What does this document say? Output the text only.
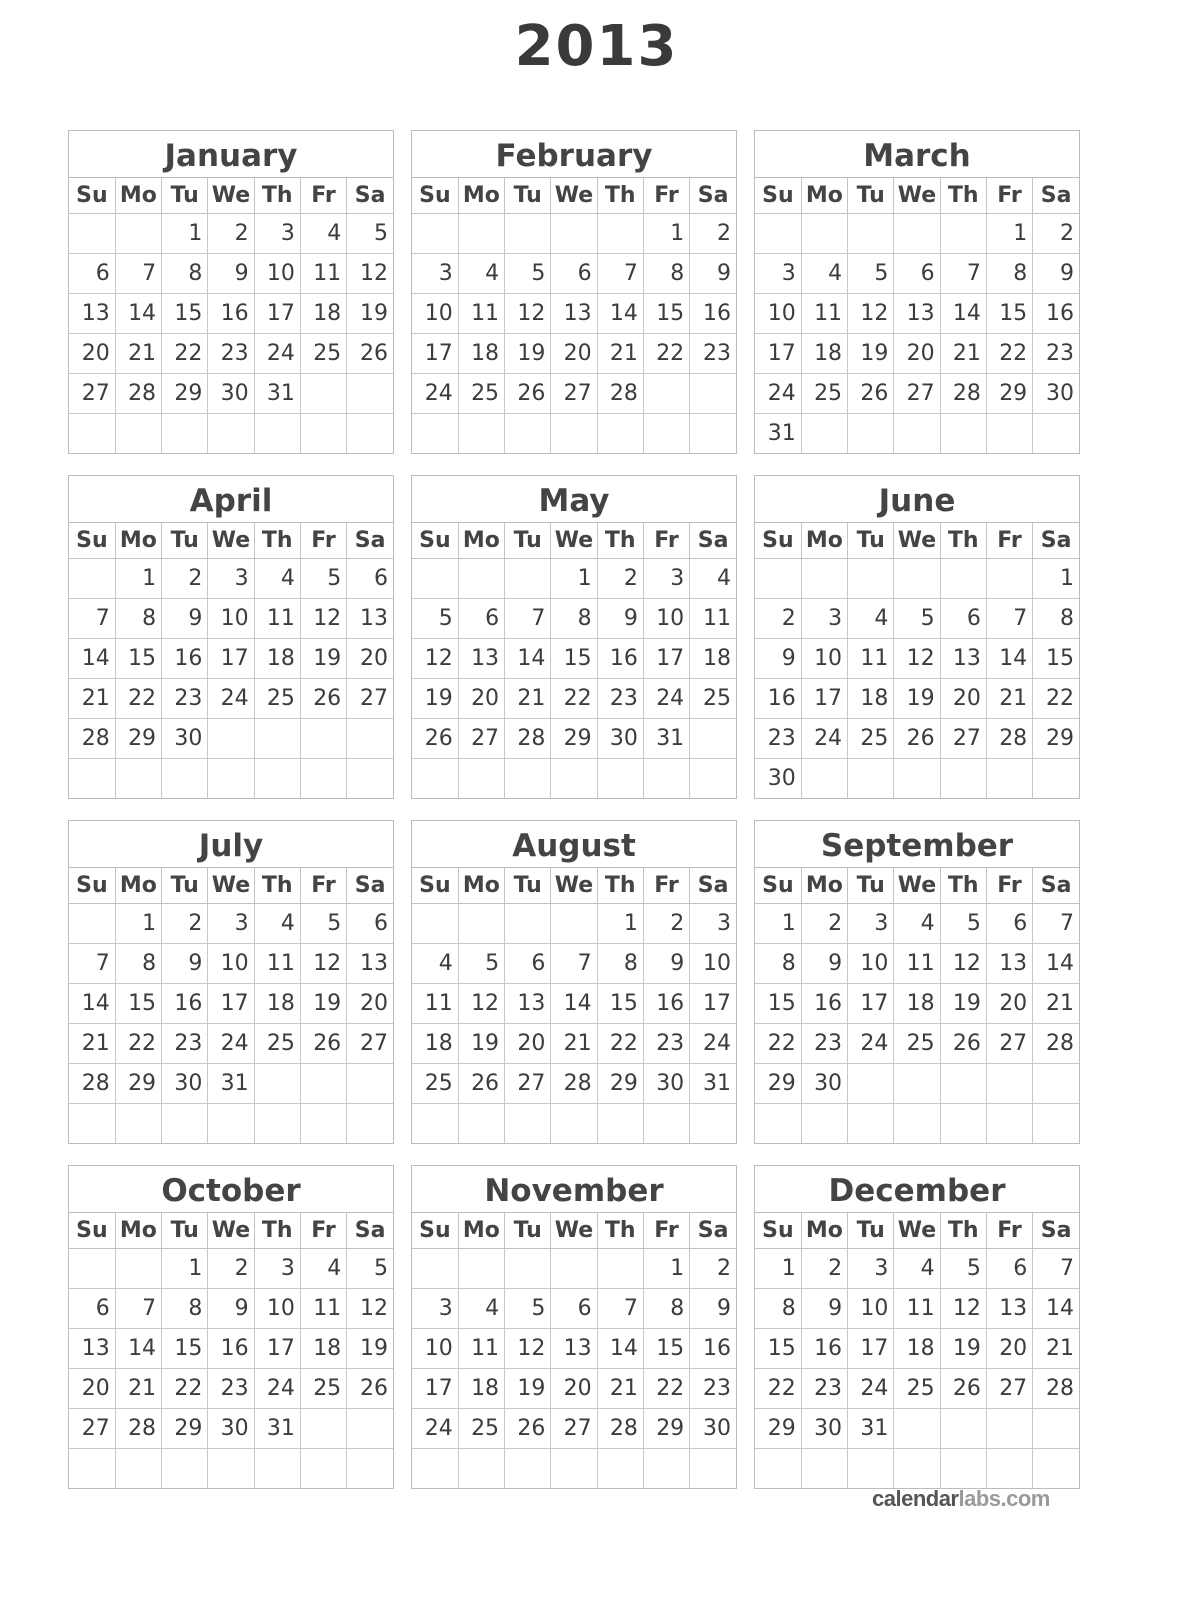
2013
January
Su	Mo	Tu	We	Th	Fr	Sa
		1	2	3	4	5
6	7	8	9	10	11	12
13	14	15	16	17	18	19
20	21	22	23	24	25	26
27	28	29	30	31		

February
Su	Mo	Tu	We	Th	Fr	Sa
					1	2
3	4	5	6	7	8	9
10	11	12	13	14	15	16
17	18	19	20	21	22	23
24	25	26	27	28		

March
Su	Mo	Tu	We	Th	Fr	Sa
					1	2
3	4	5	6	7	8	9
10	11	12	13	14	15	16
17	18	19	20	21	22	23
24	25	26	27	28	29	30
31						
April
Su	Mo	Tu	We	Th	Fr	Sa
	1	2	3	4	5	6
7	8	9	10	11	12	13
14	15	16	17	18	19	20
21	22	23	24	25	26	27
28	29	30				

May
Su	Mo	Tu	We	Th	Fr	Sa
			1	2	3	4
5	6	7	8	9	10	11
12	13	14	15	16	17	18
19	20	21	22	23	24	25
26	27	28	29	30	31	

June
Su	Mo	Tu	We	Th	Fr	Sa
						1
2	3	4	5	6	7	8
9	10	11	12	13	14	15
16	17	18	19	20	21	22
23	24	25	26	27	28	29
30						
July
Su	Mo	Tu	We	Th	Fr	Sa
	1	2	3	4	5	6
7	8	9	10	11	12	13
14	15	16	17	18	19	20
21	22	23	24	25	26	27
28	29	30	31			

August
Su	Mo	Tu	We	Th	Fr	Sa
				1	2	3
4	5	6	7	8	9	10
11	12	13	14	15	16	17
18	19	20	21	22	23	24
25	26	27	28	29	30	31

September
Su	Mo	Tu	We	Th	Fr	Sa
1	2	3	4	5	6	7
8	9	10	11	12	13	14
15	16	17	18	19	20	21
22	23	24	25	26	27	28
29	30					

October
Su	Mo	Tu	We	Th	Fr	Sa
		1	2	3	4	5
6	7	8	9	10	11	12
13	14	15	16	17	18	19
20	21	22	23	24	25	26
27	28	29	30	31		

November
Su	Mo	Tu	We	Th	Fr	Sa
					1	2
3	4	5	6	7	8	9
10	11	12	13	14	15	16
17	18	19	20	21	22	23
24	25	26	27	28	29	30

December
Su	Mo	Tu	We	Th	Fr	Sa
1	2	3	4	5	6	7
8	9	10	11	12	13	14
15	16	17	18	19	20	21
22	23	24	25	26	27	28
29	30	31				

calendarlabs.com
